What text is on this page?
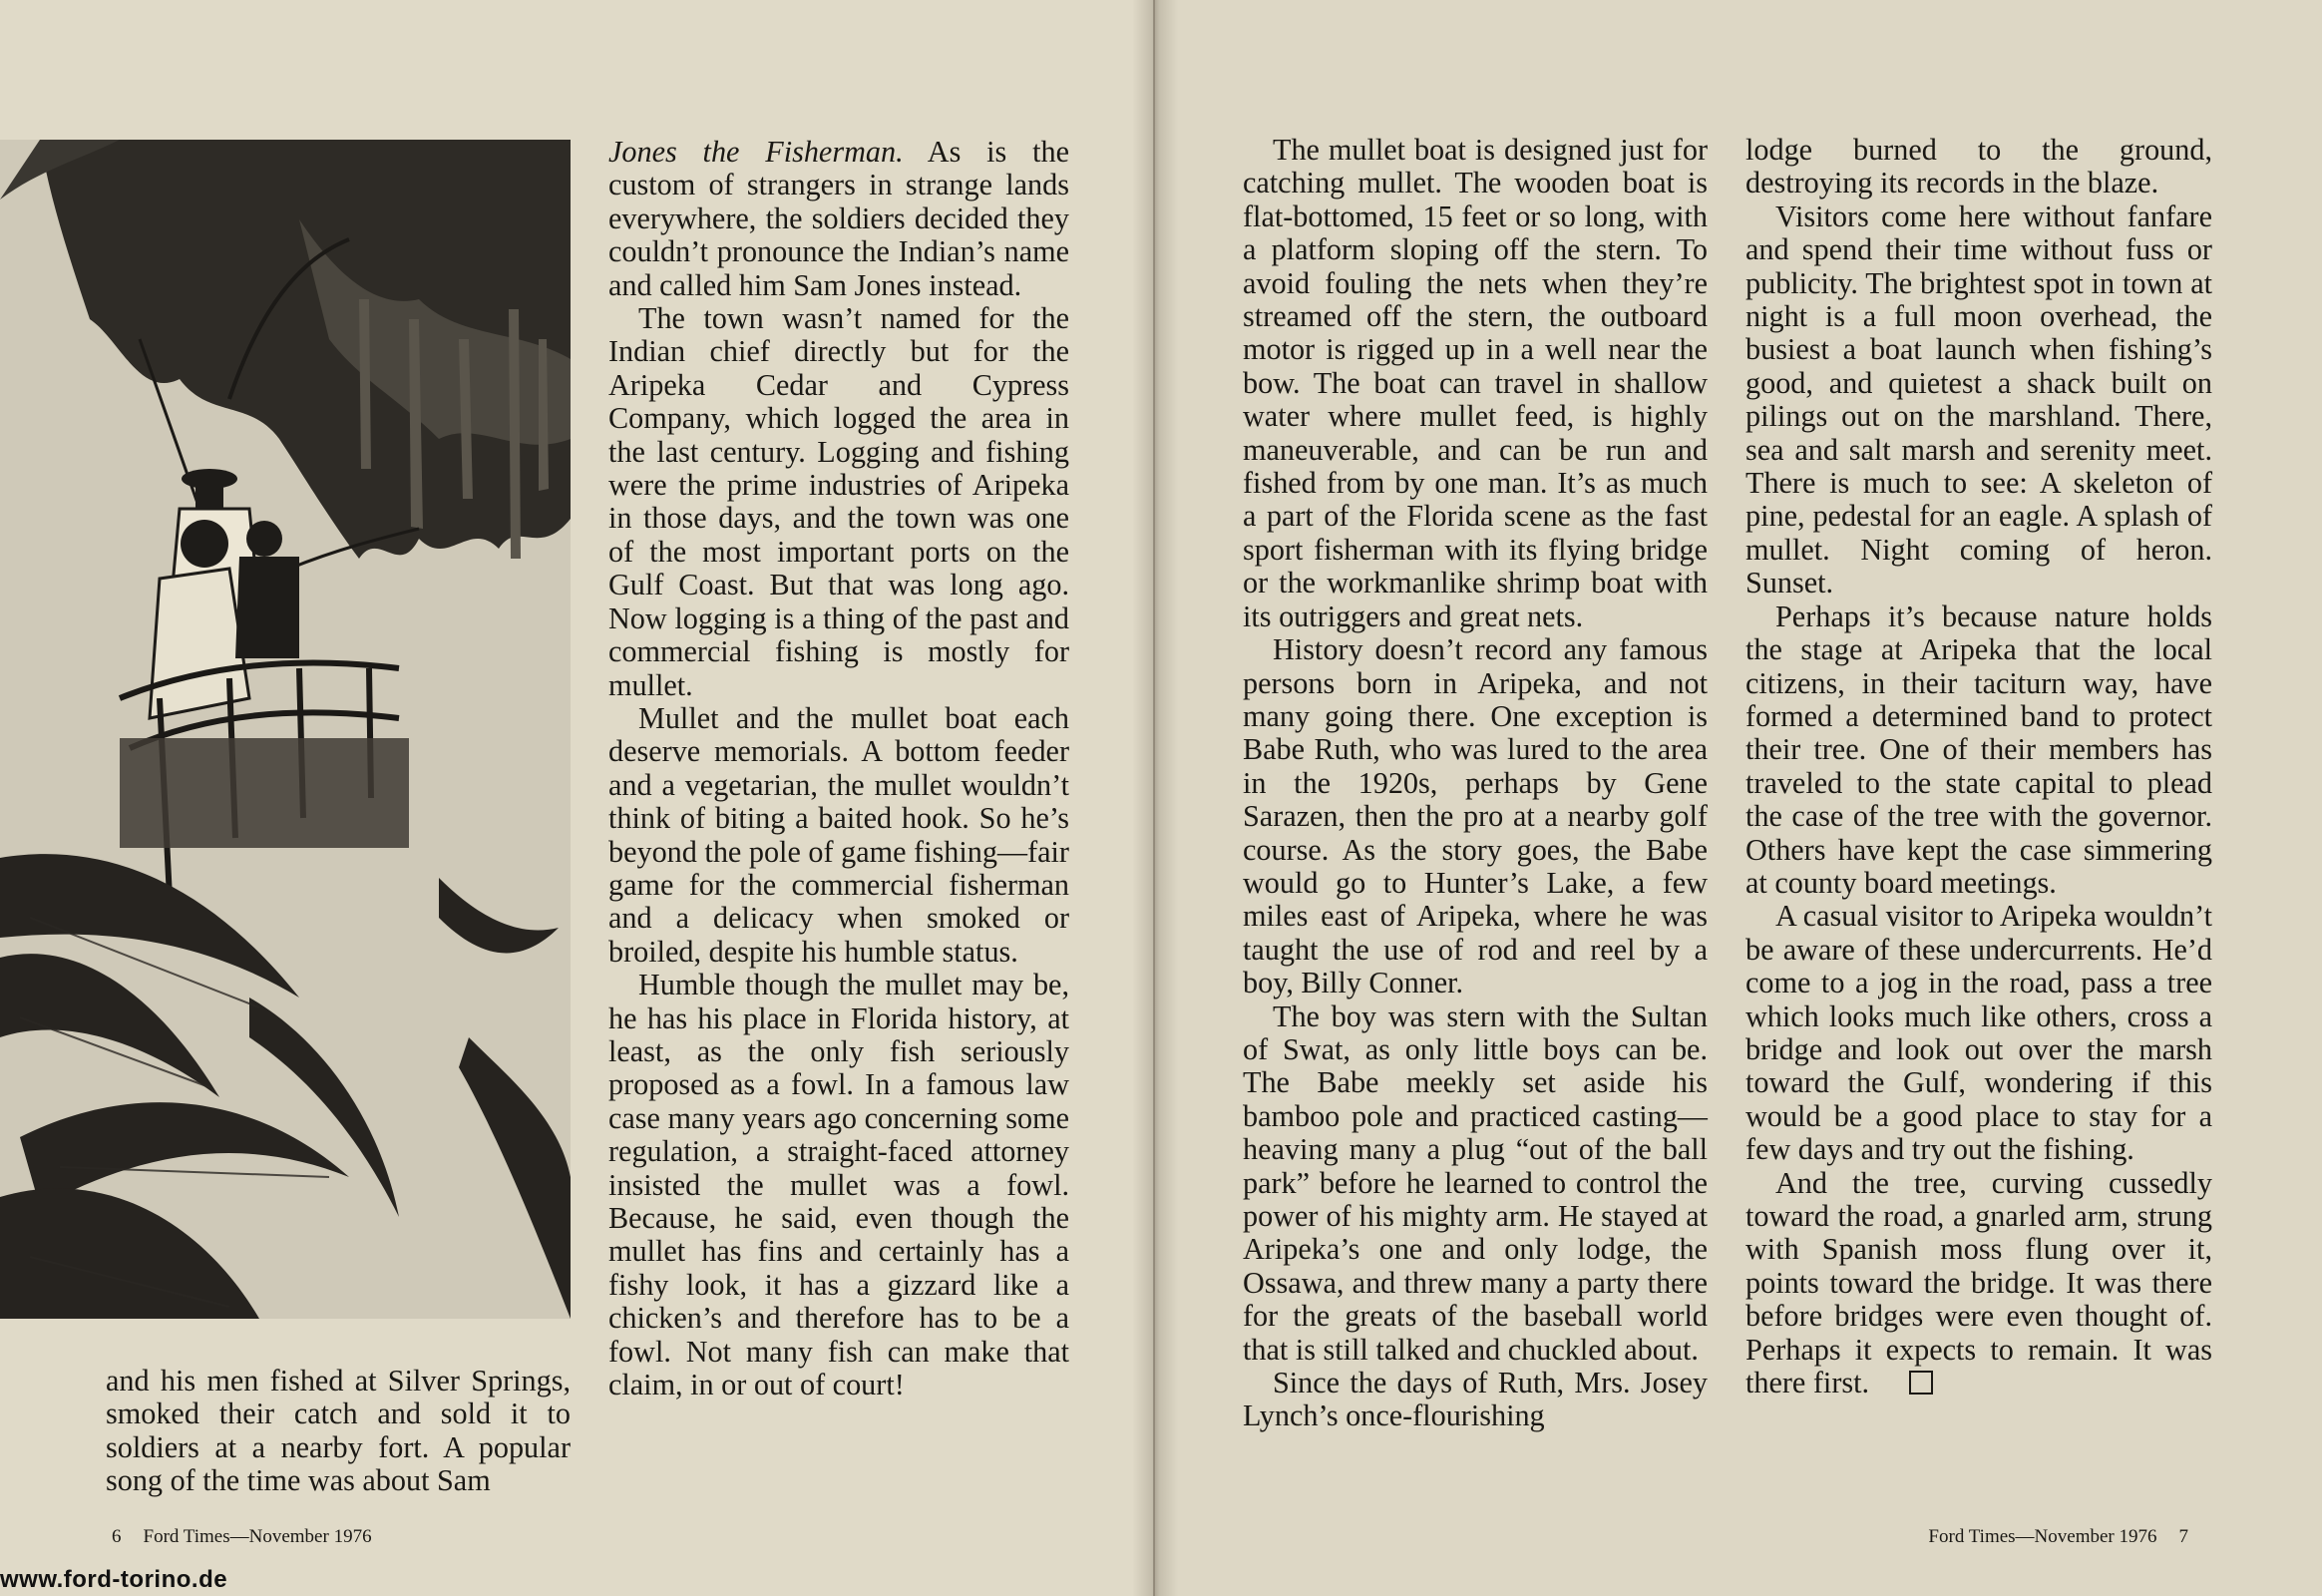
and his men fished at Silver Springs, smoked their catch and sold it to soldiers at a nearby fort. A popular song of the time was about Sam

Jones the Fisherman. As is the custom of strangers in strange lands everywhere, the soldiers decided they couldn’t pronounce the Indian’s name and called him Sam Jones instead.

The town wasn’t named for the Indian chief directly but for the Aripeka Cedar and Cypress Company, which logged the area in the last century. Logging and fishing were the prime industries of Aripeka in those days, and the town was one of the most important ports on the Gulf Coast. But that was long ago. Now logging is a thing of the past and commercial fishing is mostly for mullet.

Mullet and the mullet boat each deserve memorials. A bottom feeder and a vegetarian, the mullet wouldn’t think of biting a baited hook. So he’s beyond the pole of game fishing—fair game for the commercial fisherman and a delicacy when smoked or broiled, despite his humble status.

Humble though the mullet may be, he has his place in Florida history, at least, as the only fish seriously proposed as a fowl. In a famous law case many years ago concerning some regulation, a straight-faced attorney insisted the mullet was a fowl. Because, he said, even though the mullet has fins and certainly has a fishy look, it has a gizzard like a chicken’s and therefore has to be a fowl. Not many fish can make that claim, in or out of court!

6 Ford Times—November 1976
www.ford-torino.de

The mullet boat is designed just for catching mullet. The wooden boat is flat-bottomed, 15 feet or so long, with a platform sloping off the stern. To avoid fouling the nets when they’re streamed off the stern, the outboard motor is rigged up in a well near the bow. The boat can travel in shallow water where mullet feed, is highly maneuverable, and can be run and fished from by one man. It’s as much a part of the Florida scene as the fast sport fisherman with its flying bridge or the workmanlike shrimp boat with its outriggers and great nets.

History doesn’t record any famous persons born in Aripeka, and not many going there. One exception is Babe Ruth, who was lured to the area in the 1920s, perhaps by Gene Sarazen, then the pro at a nearby golf course. As the story goes, the Babe would go to Hunter’s Lake, a few miles east of Aripeka, where he was taught the use of rod and reel by a boy, Billy Conner.

The boy was stern with the Sultan of Swat, as only little boys can be. The Babe meekly set aside his bamboo pole and practiced casting—heaving many a plug “out of the ball park” before he learned to control the power of his mighty arm. He stayed at Aripeka’s one and only lodge, the Ossawa, and threw many a party there for the greats of the baseball world that is still talked and chuckled about.

Since the days of Ruth, Mrs. Josey Lynch’s once-flourishing

lodge burned to the ground, destroying its records in the blaze.

Visitors come here without fanfare and spend their time without fuss or publicity. The brightest spot in town at night is a full moon overhead, the busiest a boat launch when fishing’s good, and quietest a shack built on pilings out on the marshland. There, sea and salt marsh and serenity meet. There is much to see: A skeleton of pine, pedestal for an eagle. A splash of mullet. Night coming of heron. Sunset.

Perhaps it’s because nature holds the stage at Aripeka that the local citizens, in their taciturn way, have formed a determined band to protect their tree. One of their members has traveled to the state capital to plead the case of the tree with the governor. Others have kept the case simmering at county board meetings.

A casual visitor to Aripeka wouldn’t be aware of these undercurrents. He’d come to a jog in the road, pass a tree which looks much like others, cross a bridge and look out over the marsh toward the Gulf, wondering if this would be a good place to stay for a few days and try out the fishing.

And the tree, curving cussedly toward the road, a gnarled arm, strung with Spanish moss flung over it, points toward the bridge. It was there before bridges were even thought of. Perhaps it expects to remain. It was there first.

Ford Times—November 1976 7
